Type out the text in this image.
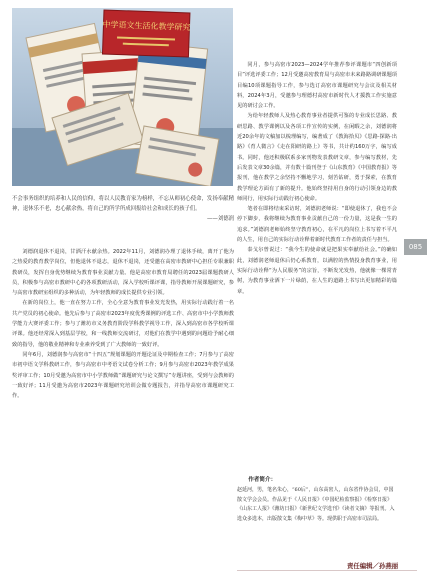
中学语文生活化教学研究

不会事务组织的培养和人民的信仰，将以人民教育家为榜样，不忘从师初心使命，发扬奉献精神，退休乐不老，忠心献余热，将自己的所学所成回报给社会和成长的孩子们。
——刘德润

同月，参与高密市2023—2024学年推荐参评课题市“四创新项目”评选评委工作；12月受邀高密教育局与高密市未来路路调研课题项目编10项课题指导工作，参与选订高密市课题研究与会议及相关材料，2024年3月，受邀参与理德村高密市新时代人才援教工作实施意见的研讨会工作。

为给年轻教师人及热心教育事业者提供可鉴的专业成长思路、教研思路、教学课例以及各项工作宣传的实例，在闲暇之余，刘德润将近20余年的文稿加以梳理编写，编著成了《教海拾贝》《思路·探路·出路》《育人微言》《走在阳研的路上》等书，共计约160万字，编写成书。同时，他还积极联系多家刊物发表教研文章，参与编写教材，先后发表文章30余篇，并有数十篇刊登于《山东教育》《中国教育报》等报刊，他在教学之余坚持不懈地学习，刻苦钻研，勇于探索，在教育教学理论方面有了新的提升。他始终坚持用自身的行动引领身边的教师同行，用实际行动践行初心使命。

笔者在即将结束采访时，刘德润老师说：“即使退休了，我也不会停下脚步，我将继续为教育事业贡献自己的一份力量，这是我一生的追求。”刘德润老师始终坚守教育初心，在平凡的岗位上书写着不平凡的人生，用自己的实际行动诠释着新时代教育工作者的责任与担当。

泰戈尔曾说过：“我今生的使命就是把果实奉献给社会。”的确如此，刘德润老师退休后仍心系教育，以满腔的热情投身教育事业，用实际行动诠释“为人民服务”的宗旨，不断发光发热，他就像一棵常青树，为教育事业洒下一片绿荫，在人生的道路上书写出更加精彩的篇章。

刘德润退休不退岗，甘洒汗水献余热。2022年11月，刘德润办理了退休手续，离开了他为之热爱的教育教学岗位，但他退休不退志，退休不退岗，还受邀在高密市教研中心担任专职兼职教研员，发挥自身优势继续为教育事业贡献力量。他是高密市教育局聘任的2023届课题教研人员，积极参与高密市教研中心的各项教研活动，深入学校听课评课，指导教师开展课题研究，参与高密市教研室组织的多种活动，为年轻教师的成长提供专业引领。

在新的岗位上，他一直在努力工作，全心全意为教育事业发光发热，用实际行动践行着一名共产党员的初心使命。他先后参与了高密市2023年度优秀课例的评选工作、高密市中小学教师教学能力大赛评委工作；参与了潍坊市义务教育阶段学科教学视导工作，深入到高密市各学校听课评课。他还经常深入到基层学校，和一线教师交流研讨，对他们在教学中遇到的问题给予耐心细致的指导，他的敬业精神和专业素养受到了广大教师的一致好评。

同年6月，刘德润参与高密市“十四五”规划课题的开题论证及中期检查工作；7月参与了高密市初中语文学科教研工作，参与高密市中考语文试卷分析工作；9月参与高密市2023年教学成果奖评审工作；10月受邀为高密市中小学教师做“课题研究与论文撰写”专题讲座，受到与会教师的一致好评；11月受邀为高密市2023年课题研究培训会做专题报告，并指导高密市课题研究工作。

作者简介：

赵延河，男，笔名朱心，“60后”，山东高密人，山东省作协会员，中国散文学会会员。作品见于《人民日报》《中国纪检监察报》《检察日报》《山东工人报》《潍坊日报》《新世纪文学选刊》《读者文摘》等报刊。入选众多选本，出版散文集《梅中草》等。现供职于高密市司法局。

085
责任编辑／孙燕丽
